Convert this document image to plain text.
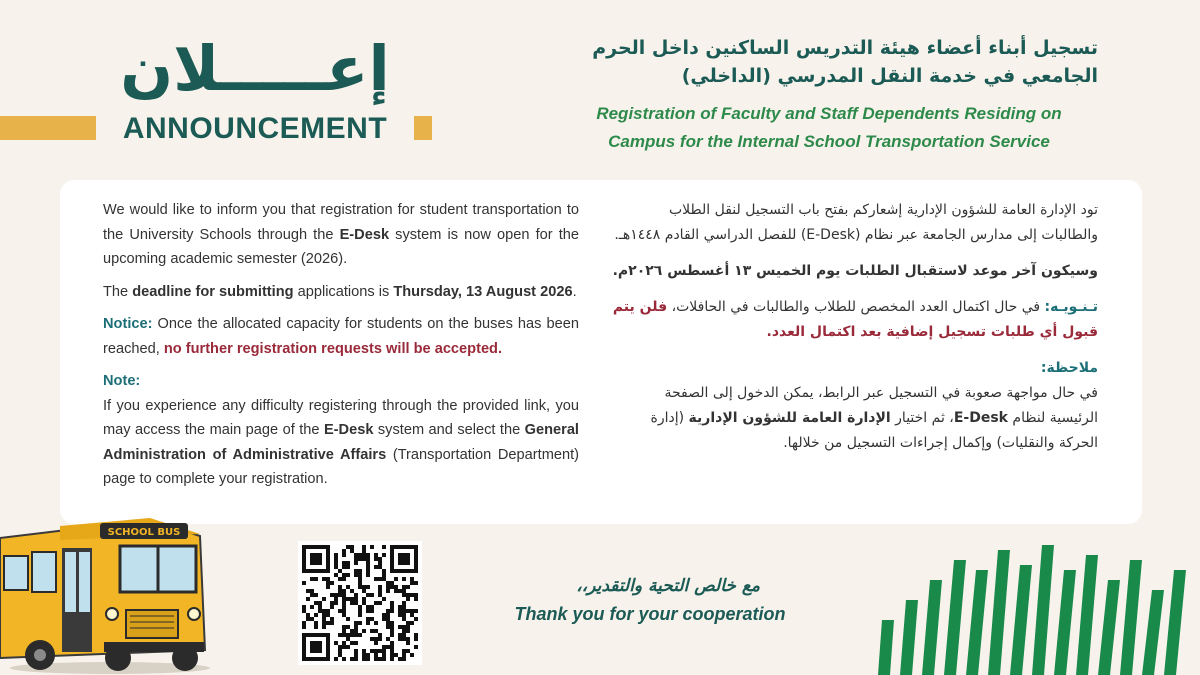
إعـــــلان
ANNOUNCEMENT
تسجيل أبناء أعضاء هيئة التدريس الساكنين داخل الحرم
الجامعي في خدمة النقل المدرسي (الداخلي)
Registration of Faculty and Staff Dependents Residing on
Campus for the Internal School Transportation Service

We would like to inform you that registration for student transportation to the University Schools through the E-Desk system is now open for the upcoming academic semester (2026).

The deadline for submitting applications is Thursday, 13 August 2026.

Notice: Once the allocated capacity for students on the buses has been reached, no further registration requests will be accepted.

Note:
If you experience any difficulty registering through the provided link, you may access the main page of the E-Desk system and select the General Administration of Administrative Affairs (Transportation Department) page to complete your registration.

تود الإدارة العامة للشؤون الإدارية إشعاركم بفتح باب التسجيل لنقل الطلاب والطالبات إلى مدارس الجامعة عبر نظام (E-Desk) للفصل الدراسي القادم ١٤٤٨هـ.

وسيكون آخر موعد لاستقبال الطلبات يوم الخميس ١٣ أغسطس ٢٠٢٦م.

تـنـويـه: في حال اكتمال العدد المخصص للطلاب والطالبات في الحافلات، فلن يتم قبول أي طلبات تسجيل إضافية بعد اكتمال العدد.

ملاحظة:
في حال مواجهة صعوبة في التسجيل عبر الرابط، يمكن الدخول إلى الصفحة الرئيسية لنظام E-Desk، ثم اختيار الإدارة العامة للشؤون الإدارية (إدارة الحركة والنقليات) وإكمال إجراءات التسجيل من خلالها.

SCHOOL BUS
مع خالص التحية والتقدير،،
Thank you for your cooperation
